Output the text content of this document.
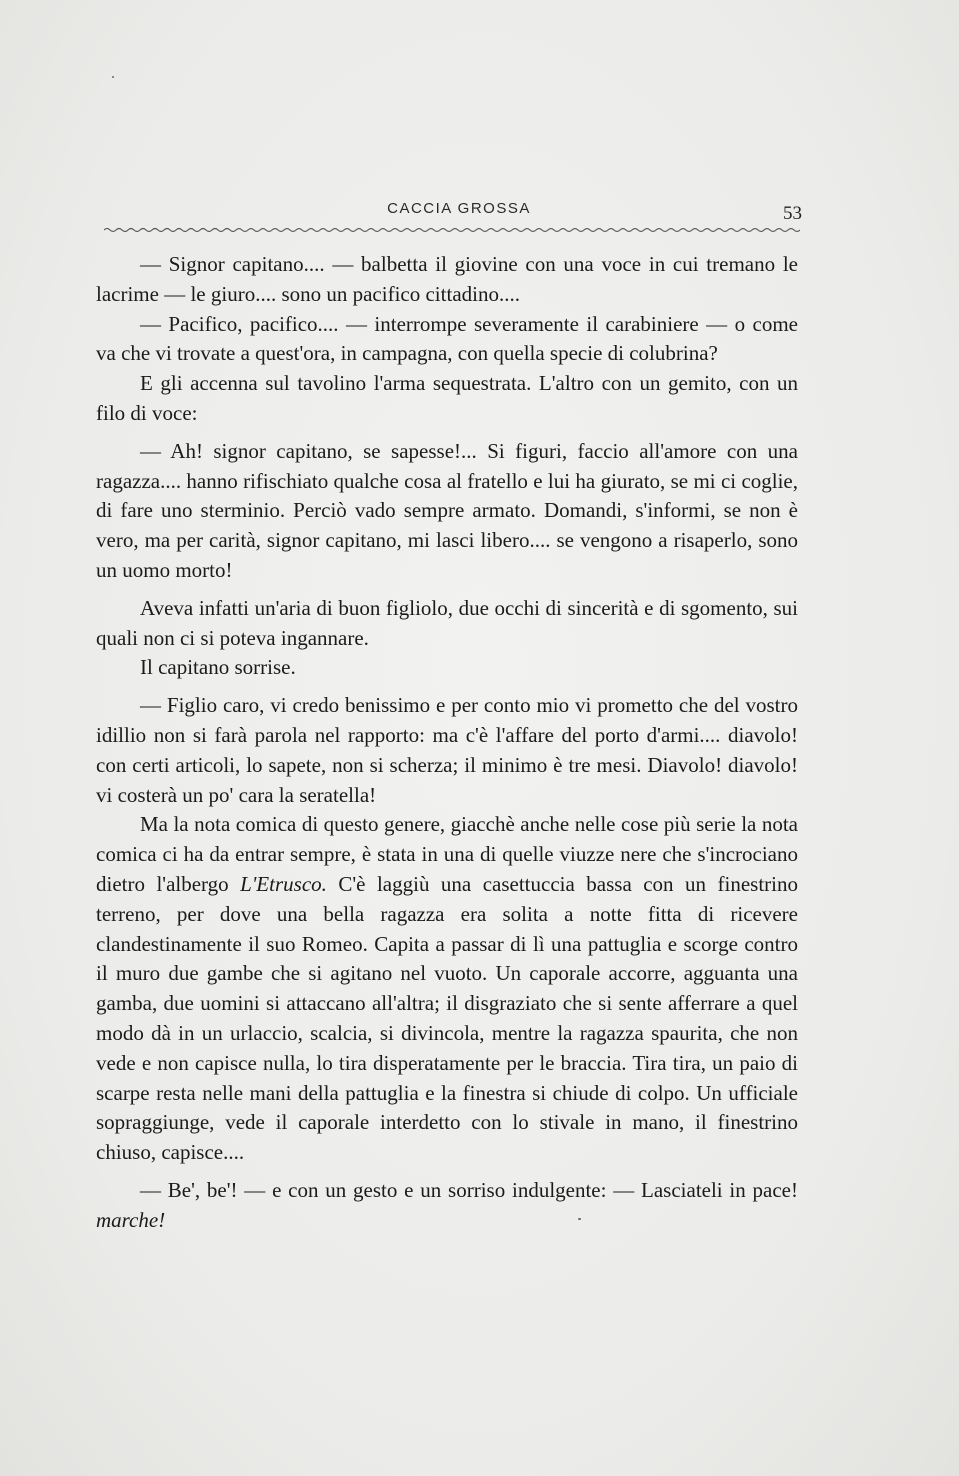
CACCIA GROSSA	53

— Signor capitano.... — balbetta il giovine con una voce in cui tremano le lacrime — le giuro.... sono un pacifico cittadino....

— Pacifico, pacifico.... — interrompe severamente il carabiniere — o come va che vi trovate a quest'ora, in campagna, con quella specie di colubrina?

E gli accenna sul tavolino l'arma sequestrata. L'altro con un gemito, con un filo di voce:

— Ah! signor capitano, se sapesse!... Si figuri, faccio all'amore con una ragazza.... hanno rifischiato qualche cosa al fratello e lui ha giurato, se mi ci coglie, di fare uno sterminio. Perciò vado sempre armato. Domandi, s'informi, se non è vero, ma per carità, signor capitano, mi lasci libero.... se vengono a risaperlo, sono un uomo morto!

Aveva infatti un'aria di buon figliolo, due occhi di sincerità e di sgomento, sui quali non ci si poteva ingannare.

Il capitano sorrise.

— Figlio caro, vi credo benissimo e per conto mio vi prometto che del vostro idillio non si farà parola nel rapporto: ma c'è l'affare del porto d'armi.... diavolo! con certi articoli, lo sapete, non si scherza; il minimo è tre mesi. Diavolo! diavolo! vi costerà un po' cara la seratella!

Ma la nota comica di questo genere, giacchè anche nelle cose più serie la nota comica ci ha da entrar sempre, è stata in una di quelle viuzze nere che s'incrociano dietro l'albergo L'Etrusco. C'è laggiù una casettuccia bassa con un finestrino terreno, per dove una bella ragazza era solita a notte fitta di ricevere clandestinamente il suo Romeo. Capita a passar di lì una pattuglia e scorge contro il muro due gambe che si agitano nel vuoto. Un caporale accorre, agguanta una gamba, due uomini si attaccano all'altra; il disgraziato che si sente afferrare a quel modo dà in un urlaccio, scalcia, si divincola, mentre la ragazza spaurita, che non vede e non capisce nulla, lo tira disperatamente per le braccia. Tira tira, un paio di scarpe resta nelle mani della pattuglia e la finestra si chiude di colpo. Un ufficiale sopraggiunge, vede il caporale interdetto con lo stivale in mano, il finestrino chiuso, capisce....

— Be', be'! — e con un gesto e un sorriso indulgente: — Lasciateli in pace! marche!
